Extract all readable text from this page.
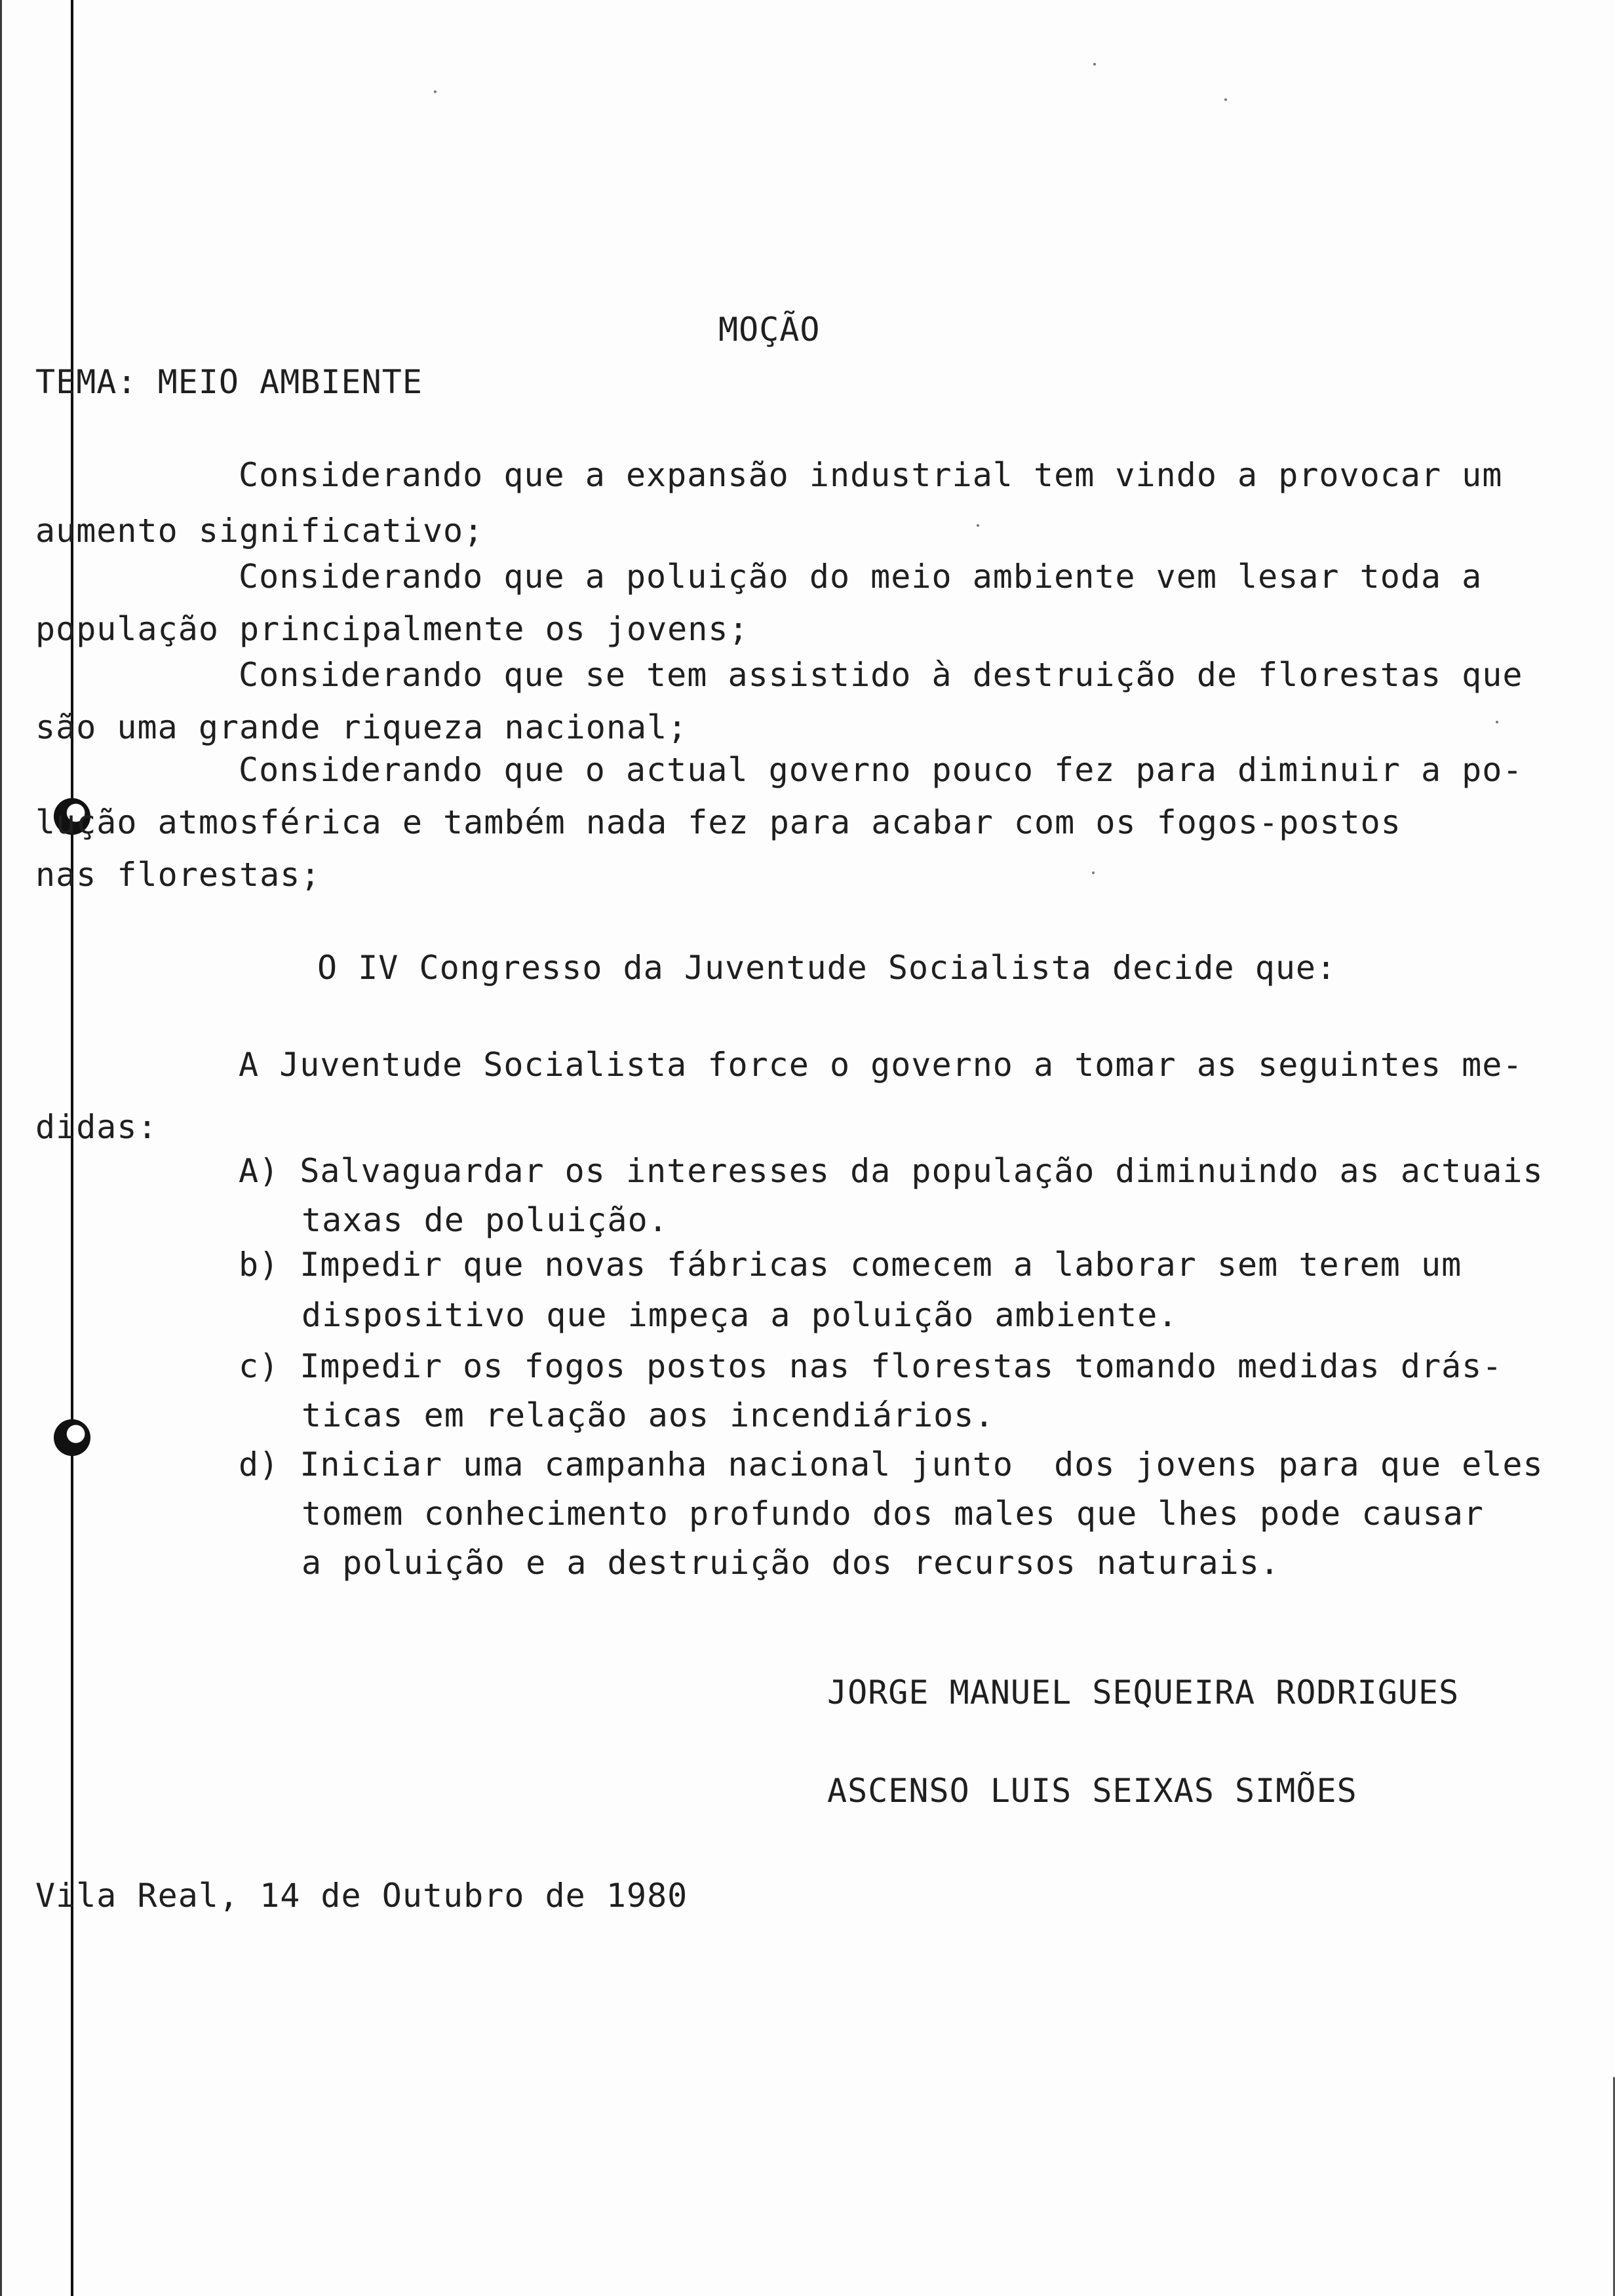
MOÇÃO
TEMA: MEIO AMBIENTE
Considerando que a expansão industrial tem vindo a provocar um
aumento significativo;
Considerando que a poluição do meio ambiente vem lesar toda a
população principalmente os jovens;
Considerando que se tem assistido à destruição de florestas que
são uma grande riqueza nacional;
Considerando que o actual governo pouco fez para diminuir a po-
lução atmosférica e também nada fez para acabar com os fogos-postos
nas florestas;
O IV Congresso da Juventude Socialista decide que:
A Juventude Socialista force o governo a tomar as seguintes me-
didas:
A) Salvaguardar os interesses da população diminuindo as actuais
taxas de poluição.
b) Impedir que novas fábricas comecem a laborar sem terem um
dispositivo que impeça a poluição ambiente.
c) Impedir os fogos postos nas florestas tomando medidas drás-
ticas em relação aos incendiários.
d) Iniciar uma campanha nacional junto  dos jovens para que eles
tomem conhecimento profundo dos males que lhes pode causar
a poluição e a destruição dos recursos naturais.
JORGE MANUEL SEQUEIRA RODRIGUES
ASCENSO LUIS SEIXAS SIMÕES
Vila Real, 14 de Outubro de 1980
